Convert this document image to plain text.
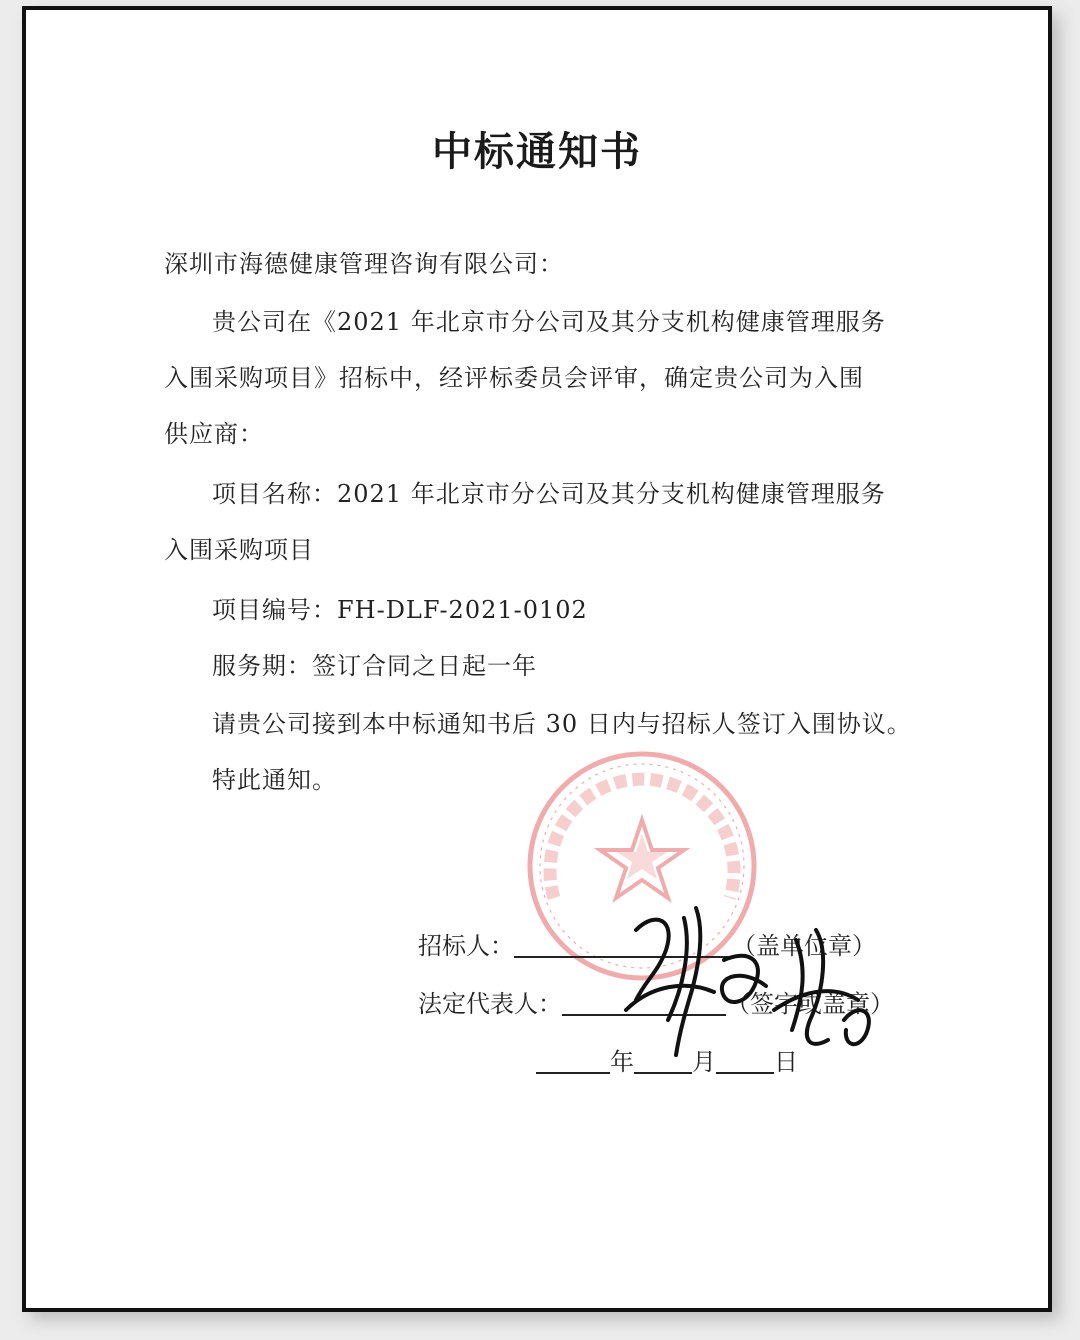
中标通知书
深圳市海德健康管理咨询有限公司：
贵公司在《2021 年北京市分公司及其分支机构健康管理服务
入围采购项目》招标中，经评标委员会评审，确定贵公司为入围
供应商：
项目名称：2021 年北京市分公司及其分支机构健康管理服务
入围采购项目
项目编号：FH-DLF-2021-0102
服务期：签订合同之日起一年
请贵公司接到本中标通知书后 30 日内与招标人签订入围协议。
特此通知。
招标人：	（盖单位章）
法定代表人：	（签字或盖章）
年 月 日
